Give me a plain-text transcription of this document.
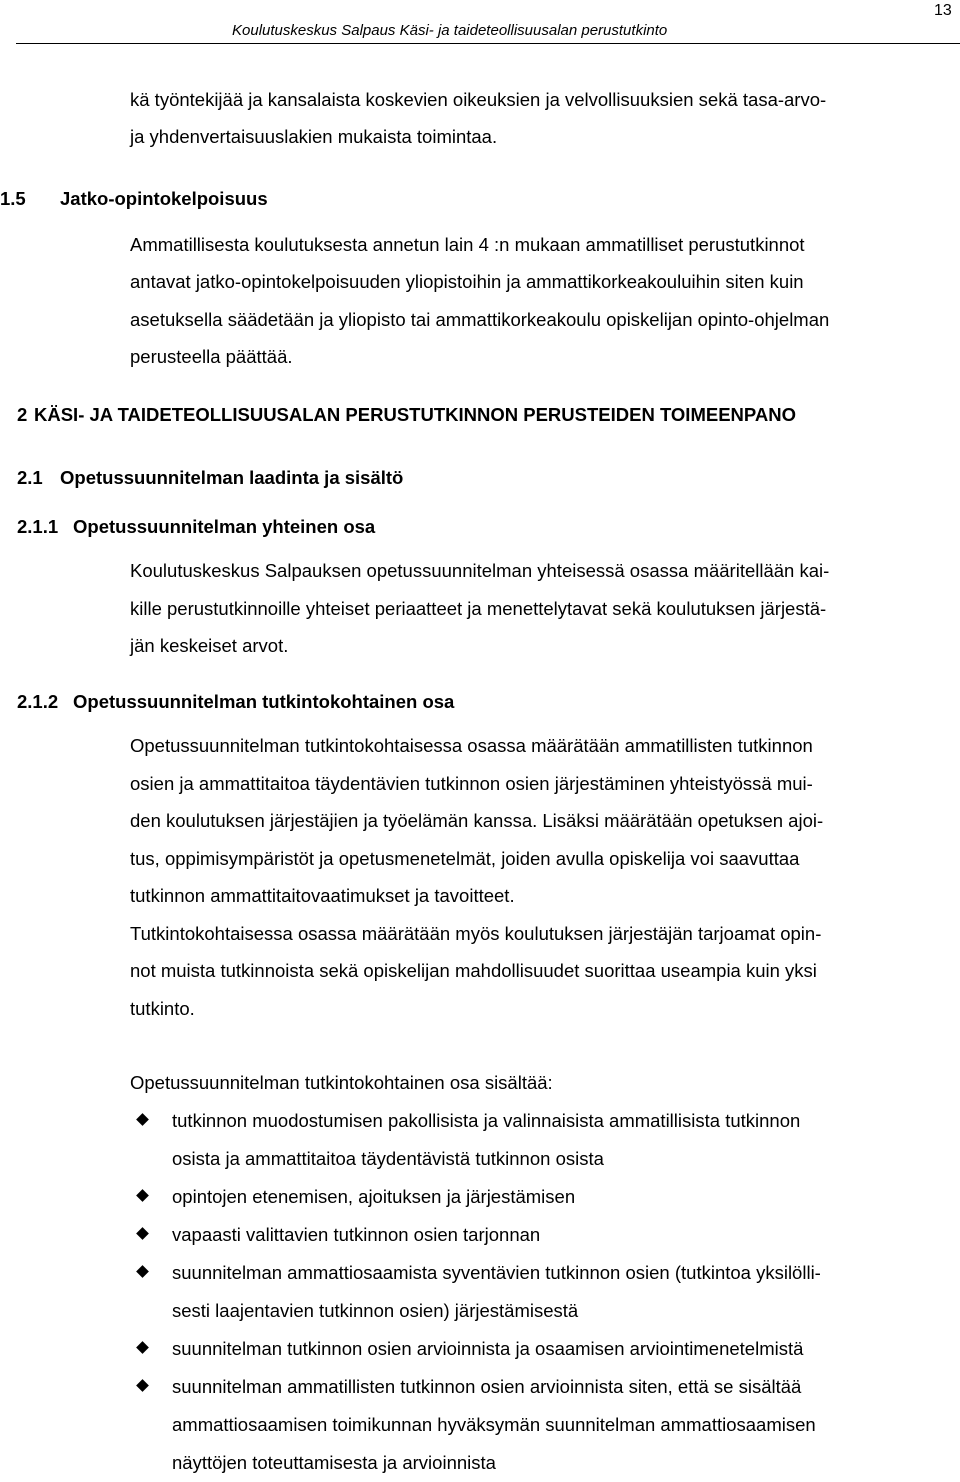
Koulutuskeskus Salpaus Käsi- ja taideteollisuusalan perustutkinto
13
kä työntekijää ja kansalaista koskevien oikeuksien ja velvollisuuksien sekä tasa-arvo-
ja yhdenvertaisuuslakien mukaista toimintaa.
1.5 Jatko-opintokelpoisuus
Ammatillisesta koulutuksesta annetun lain 4 :n mukaan ammatilliset perustutkinnot
antavat jatko-opintokelpoisuuden yliopistoihin ja ammattikorkeakouluihin siten kuin
asetuksella säädetään ja yliopisto tai ammattikorkeakoulu opiskelijan opinto-ohjelman
perusteella päättää.
2 KÄSI- JA TAIDETEOLLISUUSALAN PERUSTUTKINNON PERUSTEIDEN TOIMEENPANO
2.1 Opetussuunnitelman laadinta ja sisältö
2.1.1 Opetussuunnitelman yhteinen osa
Koulutuskeskus Salpauksen opetussuunnitelman yhteisessä osassa määritellään kai-
kille perustutkinnoille yhteiset periaatteet ja menettelytavat sekä koulutuksen järjestä-
jän keskeiset arvot.
2.1.2 Opetussuunnitelman tutkintokohtainen osa
Opetussuunnitelman tutkintokohtaisessa osassa määrätään ammatillisten tutkinnon
osien ja ammattitaitoa täydentävien tutkinnon osien järjestäminen yhteistyössä mui-
den koulutuksen järjestäjien ja työelämän kanssa. Lisäksi määrätään opetuksen ajoi-
tus, oppimisympäristöt ja opetusmenetelmät, joiden avulla opiskelija voi saavuttaa
tutkinnon ammattitaitovaatimukset ja tavoitteet.
Tutkintokohtaisessa osassa määrätään myös koulutuksen järjestäjän tarjoamat opin-
not muista tutkinnoista sekä opiskelijan mahdollisuudet suorittaa useampia kuin yksi
tutkinto.
Opetussuunnitelman tutkintokohtainen osa sisältää:
tutkinnon muodostumisen pakollisista ja valinnaisista ammatillisista tutkinnon
osista ja ammattitaitoa täydentävistä tutkinnon osista
opintojen etenemisen, ajoituksen ja järjestämisen
vapaasti valittavien tutkinnon osien tarjonnan
suunnitelman ammattiosaamista syventävien tutkinnon osien (tutkintoa yksilölli-
sesti laajentavien tutkinnon osien) järjestämisestä
suunnitelman tutkinnon osien arvioinnista ja osaamisen arviointimenetelmistä
suunnitelman ammatillisten tutkinnon osien arvioinnista siten, että se sisältää
ammattiosaamisen toimikunnan hyväksymän suunnitelman ammattiosaamisen
näyttöjen toteuttamisesta ja arvioinnista
